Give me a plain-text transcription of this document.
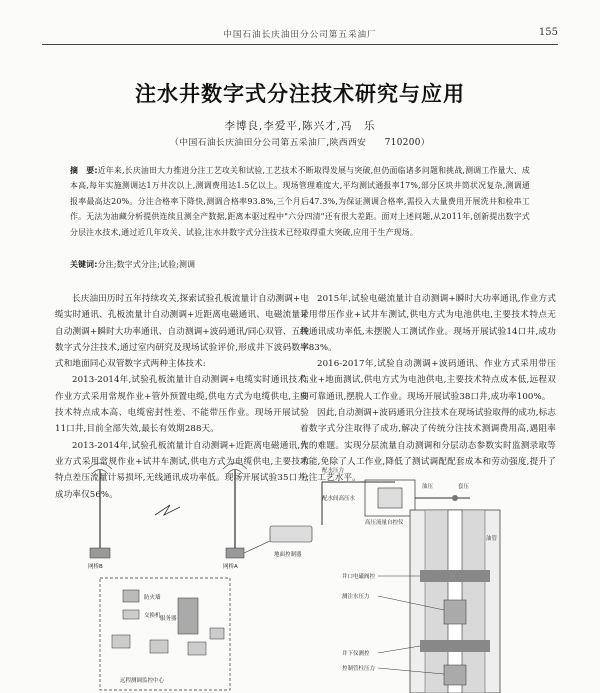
中国石油长庆油田分公司第五采油厂	155
注水井数字式分注技术研究与应用
李博良,李爱平,陈兴才,冯　乐
（中国石油长庆油田分公司第五采油厂,陕西西安　　710200）
摘　要:近年来,长庆油田大力推进分注工艺攻关和试验,工艺技术不断取得发展与突破,但仍面临诸多问题和挑战,测调工作量大、成本高,每年实施测调达1万井次以上,测调费用达1.5亿以上。现场管理难度大,平均测试通报率17%,部分区块井筒状况复杂,测调通报率最高达20%。分注合格率下降快,测调合格率93.8%,三个月后47.3%,为保证测调合格率,需投入大量费用开展洗井和检串工作。无法为油藏分析提供连续且测全产数据,距离本驱过程中"六分四清"还有很大差距。面对上述问题,从2011年,创新提出数字式分层注水技术,通过近几年攻关、试验,注水井数字式分注技术已经取得重大突破,应用于生产现场。
关键词:分注;数字式分注;试验;测调

长庆油田历时五年持续攻关,探索试验孔板流量计自动测调+电缆实时通讯、孔板流量计自动测调+近距离电磁通讯、电磁流量计自动测调+瞬时大功率通讯、自动测调+波码通讯/同心双管、五种数字式分注技术,通过室内研究及现场试验评价,形成井下波码数字式和地面同心双管数字式两种主体技术:

2013-2014年,试验孔板流量计自动测调+电缆实时通讯技术,作业方式采用常规作业+管外预置电缆,供电方式为电缆供电,主要技术特点成本高、电缆密封性差、不能带压作业。现场开展试验11口井,目前全部失效,最长有效期288天。

2013-2014年,试验孔板流量计自动测调+近距离电磁通讯,作业方式采用常规作业+试井车测试,供电方式为电缆供电,主要技术特点差压流量计易损坏,无线通讯成功率低。现场开展试验35口井,成功率仅56%。

2015年,试验电磁流量计自动测调+瞬时大功率通讯,作业方式采用带压作业+试井车测试,供电方式为电池供电,主要技术特点无线通讯成功率低,未摆脱人工测试作业。现场开展试验14口井,成功率83%。

2016-2017年,试验自动测调+波码通讯、作业方式采用带压作业+地面测试,供电方式为电池供电,主要技术特点成本低,远程双向可靠通讯,摆脱人工作业。现场开展试验38口井,成功率100%。

因此,自动测调+波码通讯分注技术在现场试验取得的成功,标志着数字式分注取得了成功,解决了传统分注技术测调费用高,遇阻率大的难题。实现分层流量自动测调和分层动态参数实时监测录取等功能,免除了人工作业,降低了测试调配配套成本和劳动强度,提升了分注工艺水平。

网桥B	网桥A
地面控制器
防火墙
交换机 服务器
远程测调监控中心
配水压力
配水间高压水
高压流量自控仪
油压	套压
油管
井口电磁阀控
测注水压力
井下仪测控
控制管柱压力
